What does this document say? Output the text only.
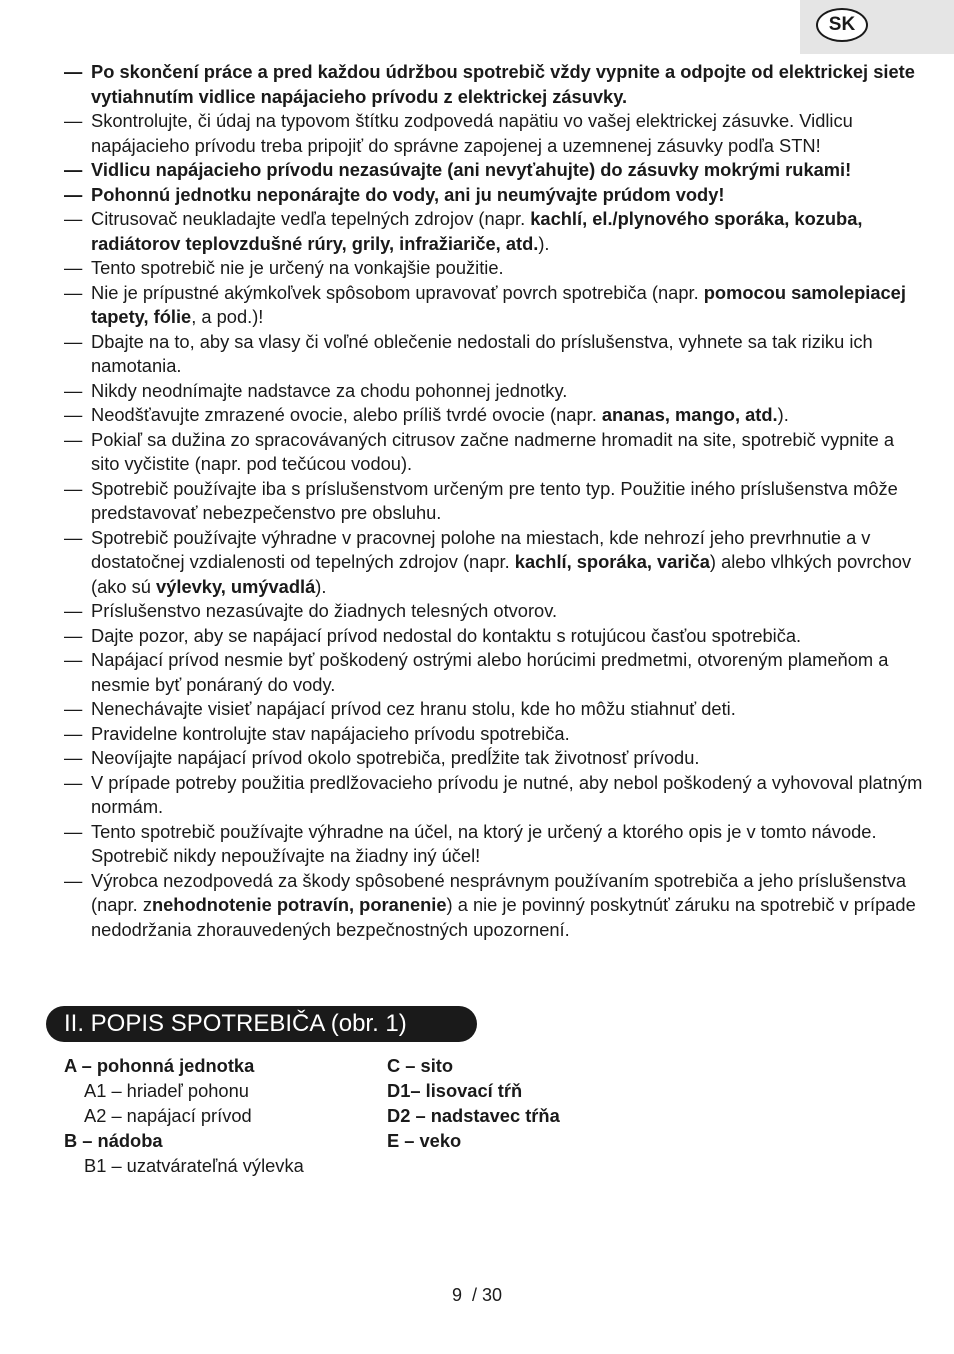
SK
— Po skončení práce a pred každou údržbou spotrebič vždy vypnite a odpojte od elektrickej siete vytiahnutím vidlice napájacieho prívodu z elektrickej zásuvky.
— Skontrolujte, či údaj na typovom štítku zodpovedá napätiu vo vašej elektrickej zásuvke. Vidlicu napájacieho prívodu treba pripojiť do správne zapojenej a uzemnenej zásuvky podľa STN!
— Vidlicu napájacieho prívodu nezasúvajte (ani nevyťahujte) do zásuvky mokrými rukami!
— Pohonnú jednotku neponárajte do vody, ani ju neumývajte prúdom vody!
— Citrusovač neukladajte vedľa tepelných zdrojov (napr. kachlí, el./plynového sporáka, kozuba, radiátorov teplovzdušné rúry, grily, infražiariče, atd.).
— Tento spotrebič nie je určený na vonkajšie použitie.
— Nie je prípustné akýmkoľvek spôsobom upravovať povrch spotrebiča (napr. pomocou samolepiacej tapety, fólie, a pod.)!
— Dbajte na to, aby sa vlasy či voľné oblečenie nedostali do príslušenstva, vyhnete sa tak riziku ich namotania.
— Nikdy neodnímajte nadstavce za chodu pohonnej jednotky.
— Neodšťavujte zmrazené ovocie, alebo príliš tvrdé ovocie (napr. ananas, mango, atd.).
— Pokiaľ sa dužina zo spracovávaných citrusov začne nadmerne hromadit na site, spotrebič vypnite a sito vyčistite (napr. pod tečúcou vodou).
— Spotrebič používajte iba s príslušenstvom určeným pre tento typ. Použitie iného príslušenstva môže predstavovať nebezpečenstvo pre obsluhu.
— Spotrebič používajte výhradne v pracovnej polohe na miestach, kde nehrozí jeho prevrhnutie a v dostatočnej vzdialenosti od tepelných zdrojov (napr. kachlí, sporáka, variča) alebo vlhkých povrchov (ako sú výlevky, umývadlá).
— Príslušenstvo nezasúvajte do žiadnych telesných otvorov.
— Dajte pozor, aby se napájací prívod nedostal do kontaktu s rotujúcou časťou spotrebiča.
— Napájací prívod nesmie byť poškodený ostrými alebo horúcimi predmetmi, otvoreným plameňom a nesmie byť ponáraný do vody.
— Nenechávajte visieť napájací prívod cez hranu stolu, kde ho môžu stiahnuť deti.
— Pravidelne kontrolujte stav napájacieho prívodu spotrebiča.
— Neovíjajte napájací prívod okolo spotrebiča, predĺžite tak životnosť prívodu.
— V prípade potreby použitia predlžovacieho prívodu je nutné, aby nebol poškodený a vyhovoval platným normám.
— Tento spotrebič používajte výhradne na účel, na ktorý je určený a ktorého opis je v tomto návode. Spotrebič nikdy nepoužívajte na žiadny iný účel!
— Výrobca nezodpovedá za škody spôsobené nesprávnym používaním spotrebiča a jeho príslušenstva (napr. znehodnotenie potravín, poranenie) a nie je povinný poskytnúť záruku na spotrebič v prípade nedodržania zhorauvedených bezpečnostných upozornení.
II. POPIS SPOTREBIČA (obr. 1)
A – pohonná jednotka
A1 – hriadeľ pohonu
A2 – napájací prívod
B – nádoba
B1 – uzatvárateľná výlevka
C – sito
D1– lisovací tŕň
D2 – nadstavec tŕňa
E – veko
9  / 30
